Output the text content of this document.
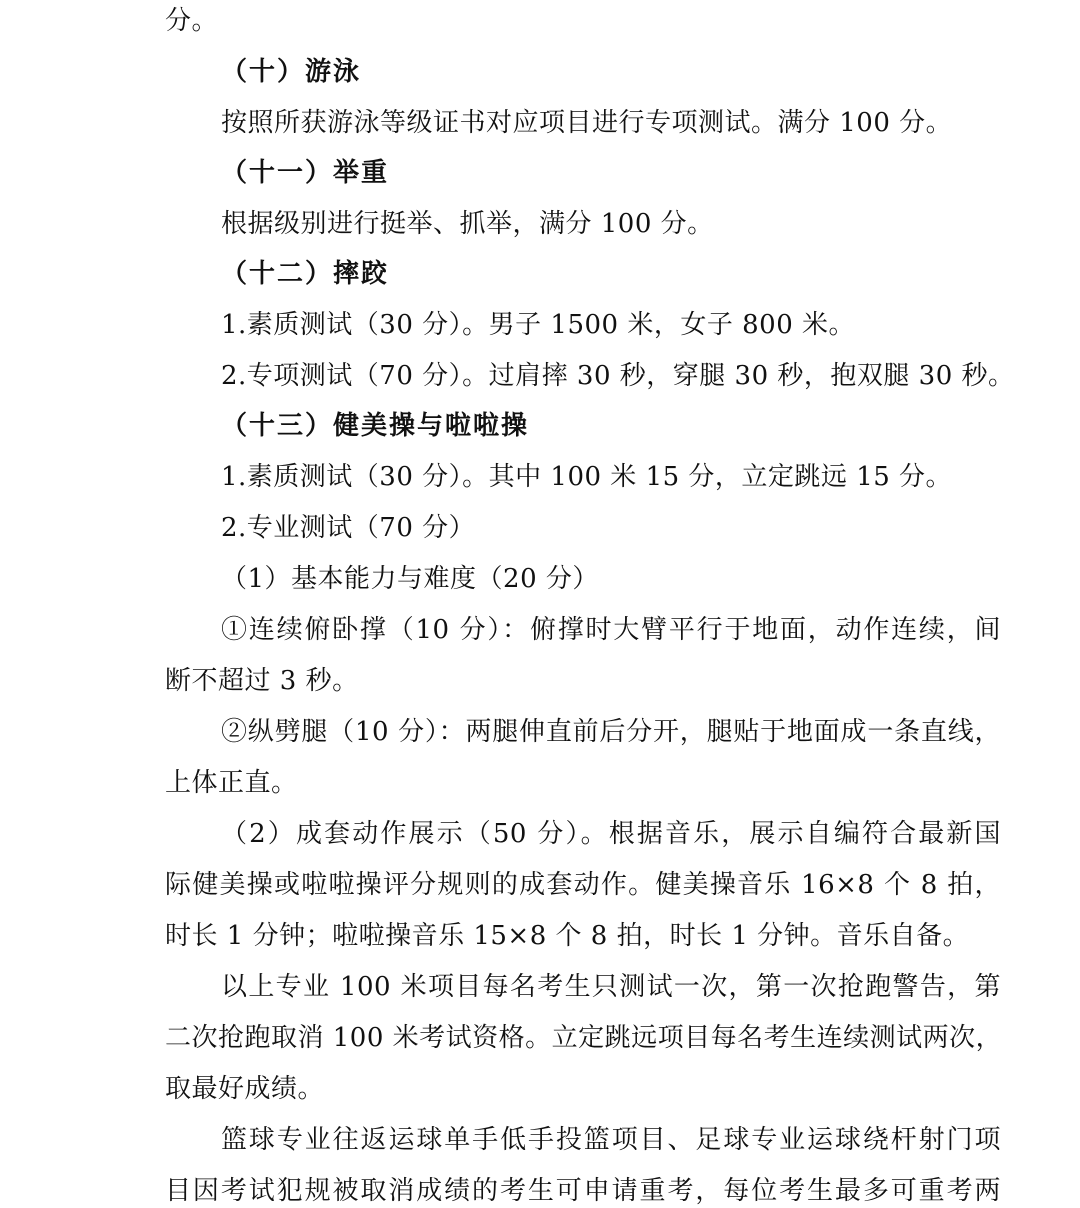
分。
（十）游泳
按照所获游泳等级证书对应项目进行专项测试。满分 100 分。
（十一）举重
根据级别进行挺举、抓举，满分 100 分。
（十二）摔跤
1.素质测试（30 分）。男子 1500 米，女子 800 米。
2.专项测试（70 分）。过肩摔 30 秒，穿腿 30 秒，抱双腿 30 秒。
（十三）健美操与啦啦操
1.素质测试（30 分）。其中 100 米 15 分，立定跳远 15 分。
2.专业测试（70 分）
（1）基本能力与难度（20 分）
①连续俯卧撑（10 分）：俯撑时大臂平行于地面，动作连续，间
断不超过 3 秒。
②纵劈腿（10 分）：两腿伸直前后分开，腿贴于地面成一条直线，
上体正直。
（2）成套动作展示（50 分）。根据音乐，展示自编符合最新国
际健美操或啦啦操评分规则的成套动作。健美操音乐 16×8 个 8 拍，
时长 1 分钟；啦啦操音乐 15×8 个 8 拍，时长 1 分钟。音乐自备。
以上专业 100 米项目每名考生只测试一次，第一次抢跑警告，第
二次抢跑取消 100 米考试资格。立定跳远项目每名考生连续测试两次，
取最好成绩。
篮球专业往返运球单手低手投篮项目、足球专业运球绕杆射门项
目因考试犯规被取消成绩的考生可申请重考，每位考生最多可重考两
